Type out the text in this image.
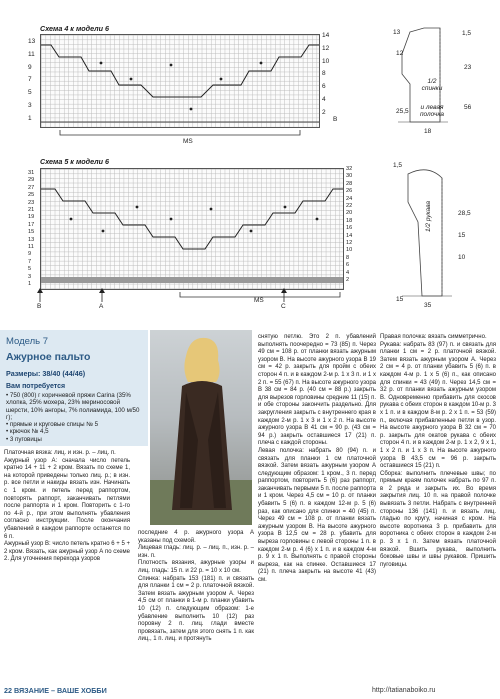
Схема 4 к модели 6
13
11
9
7
5
3
1
14
12
10
8
6
4
2
MS
B
Схема 5 к модели 6
31
29
27
25
23
21
19
17
15
13
11
9
7
5
3
1
32
30
28
26
24
22
20
18
16
14
12
10
8
6
4
2
B	A	C
MS
13
12
1/2 спинки
и левая полочка
1,5
23
25,5
56
18
1,5
1/2 рукава	28,5
15
10
15
35
Модель 7
Ажурное пальто
Размеры: 38/40 (44/46)
Вам потребуется
• 750 (800) г коричневой пряжи Carina (35% хлопка, 25% мохера, 23% мериносовой шерсти, 10% ангоры, 7% полиамида, 100 м/50 г);
• прямые и круговые спицы № 5
• крючок № 4,5
• 3 пуговицы

Платочная вязка: лиц. и изн. р. – лиц. п.

Ажурный узор А: сначала число петель кратно 14 + 11 + 2 кром. Вязать по схеме 1, на которой приведены только лиц. р.; в изн. р. все петли и накиды вязать изн. Начинать с 1 кром. и петель перед раппортом, повторять раппорт, заканчивать петлями после раппорта и 1 кром. Повторить с 1-го по 4-й р., при этом выполнять убавления согласно инструкции. После окончания убавлений в каждом раппорте останется по 6 п.

Ажурный узор В: число петель кратно 6 + 5 + 2 кром. Вязать, как ажурный узор А по схеме 2. Для уточнения перехода узоров

последние 4 р. ажурного узора А указаны под схемой.

Лицевая гладь: лиц. р. – лиц. п., изн. р. – изн. п.

Плотность вязания, ажурные узоры и лиц. гладь: 15 п. и 22 р. = 10 х 10 см.

Спинка: набрать 153 (181) п. и связать для планки 1 см = 2 р. платочной вязкой. Затем вязать ажурным узором А. Через 4,5 см от планки в 1-м р. планки убавить 10 (12) п. следующим образом: 1-е убавление выполнить 10 (12) раз поровну 2 п. лиц. глади вместе провязать, затем для этого снять 1 п. как лиц., 1 п. лиц. и протянуть

снятую петлю. Это 2 п. убавлений выполнять поочередно = 73 (85) п. Через 49 см = 108 р. от планки вязать ажурным узором В. На высоте ажурного узора В 19 см = 42 р. закрыть для пройм с обеих сторон 4 п. и в каждом 2-м р. 1 х 3 п. и 1 х 2 п. = 55 (67) п. На высоте ажурного узора В 38 см = 84 р. (40 см = 88 р.) закрыть для вырезов горловины средние 11 (15) п. и обе стороны закончить раздельно. Для закругления закрыть с внутреннего края в каждом 2-м р. 1 х 3 и 1 х 2 п. На высоте ажурного узора В 41 см = 90 р. (43 см = 94 р.) закрыть оставшиеся 17 (21) п. плеча с каждой стороны.

Левая полочка: набрать 80 (94) п. и связать для планки 1 см платочной вязкой. Затем вязать ажурным узором А следующим образом: 1 кром., 3 п. перед раппортом, повторить 5 (6) раз раппорт, заканчивать первыми 5 п. после раппорта и 1 кром. Через 4,5 см = 10 р. от планки убавить 5 (6) п. в каждом 12-м р. 5 (6) раз, как описано для спинки = 40 (45) п. Через 49 см = 108 р. от планки вязать ажурным узором В. На высоте ажурного узора В 12,5 см = 28 р. убавить для выреза горловины с левой стороны 1 п. в каждом 2-м р. 4 (6) х 1 п. и в каждом 4-м р. 9 х 1 п. Выполнять с правой стороны выреза, как на спинке. Оставшиеся 17 (21) п. плеча закрыть на высоте 41 (43) см.

Правая полочка: вязать симметрично.

Рукава: набрать 83 (97) п. и связать для планки 1 см = 2 р. платочной вязкой. Затем вязать ажурным узором А. Через 2 см = 4 р. от планки убавить 5 (6) п. в каждом 4-м р. 1 х 5 (6) п., как описано для спинки = 43 (49) п. Через 14,5 см = 32 р. от планки вязать ажурным узором В. Одновременно прибавить для скосов рукава с обеих сторон в каждом 10-м р. 3 х 1 п. и в каждом 8-м р. 2 х 1 п. = 53 (59) п., включая прибавленные петли в узор. На высоте ажурного узора В 32 см = 70 р. закрыть для окатов рукава с обеих сторон 4 п. и в каждом 2-м р. 1 х 2, 9 х 1, 1 х 2 п. и 1 х 3 п. На высоте ажурного узора В 43,5 см = 96 р. закрыть оставшиеся 15 (21) п.

Сборка: выполнить плечевые швы; по прямым краям полочек набрать по 97 п. в 2 ряда и закрыть их. Во время закрытия лиц. 10 п. на правой полочке вывязать 3 петли. Набрать с внутренней стороны 136 (141) п. и вязать лиц. гладью по кругу, начиная с кром. На высоте воротника 3 р. прибавить для воротника с обеих сторон в каждом 2-м р. 3 х 1 п. Затем вязать платочной вязкой. Вшить рукава, выполнить боковые швы и швы рукавов. Пришить пуговицы.

22 ВЯЗАНИЕ – ВАШЕ ХОББИ	http://tatianaboiko.ru
